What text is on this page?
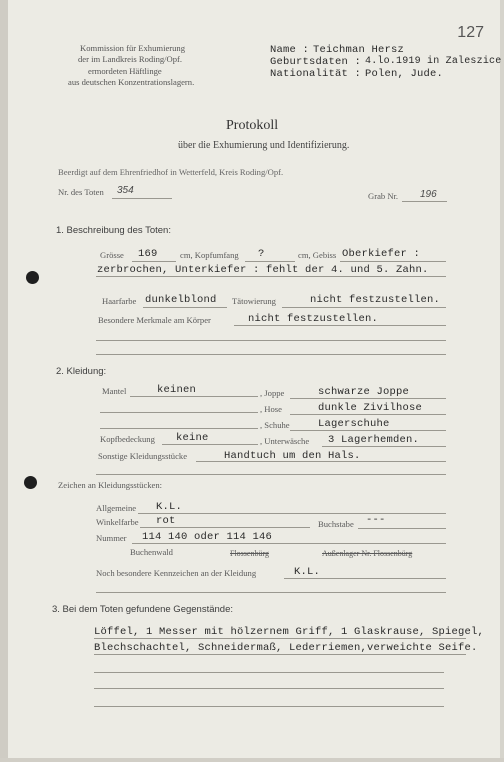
127
Kommission für Exhumierung
der im Landkreis Roding/Opf.
ermordeten Häftlinge
aus deutschen Konzentrationslagern.
Name : Teichman Hersz
Geburtsdaten : 4.lo.1919 in Zaleszice
Nationalität : Polen, Jude.
Protokoll
über die Exhumierung und Identifizierung.
Beerdigt auf dem Ehrenfriedhof in Wetterfeld, Kreis Roding/Opf.
Nr. des Toten 354	Grab Nr. 196
1. Beschreibung des Toten:
Grösse 169	cm, Kopfumfang ?	cm, Gebiss Oberkiefer :
zerbrochen, Unterkiefer : fehlt der 4. und 5. Zahn.
Haarfarbe dunkelblond Tätowierung	nicht festzustellen.
Besondere Merkmale am Körper	nicht festzustellen.
2. Kleidung:
Mantel	keinen	, Joppe	schwarze Joppe
, Hose	dunkle Zivilhose
, Schuhe	Lagerschuhe
Kopfbedeckung keine	, Unterwäsche 3 Lagerhemden.
Sonstige Kleidungsstücke	Handtuch um den Hals.
Zeichen an Kleidungsstücken:
Allgemeine K.L.
Winkelfarbe rot	Buchstabe ---
Nummer 114 140 oder 114 146
Buchenwald	Flossenbürg	Außenlager Nr. Flossenbürg
Noch besondere Kennzeichen an der Kleidung	K.L.
3. Bei dem Toten gefundene Gegenstände:
Löffel, 1 Messer mit hölzernem Griff, 1 Glaskrause, Spiegel,
Blechschachtel, Schneidermaß, Lederriemen,verweichte Seife.
